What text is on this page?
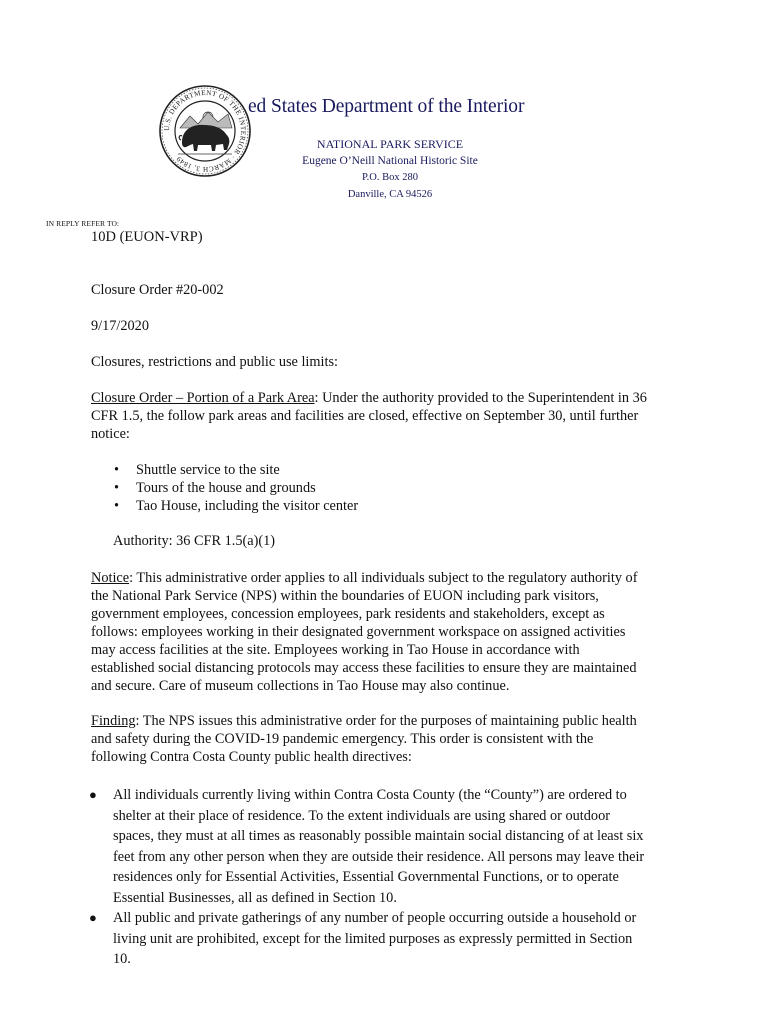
U.S. DEPARTMENT OF THE INTERIOR · MARCH 3, 1849
ed States Department of the Interior
NATIONAL PARK SERVICE
Eugene O’Neill National Historic Site
P.O. Box 280
Danville, CA 94526
IN REPLY REFER TO:
10D (EUON-VRP)
Closure Order #20-002
9/17/2020
Closures, restrictions and public use limits:
Closure Order – Portion of a Park Area: Under the authority provided to the Superintendent in 36
CFR 1.5, the follow park areas and facilities are closed, effective on September 30, until further
notice:
• Shuttle service to the site
• Tours of the house and grounds
• Tao House, including the visitor center
Authority: 36 CFR 1.5(a)(1)
Notice: This administrative order applies to all individuals subject to the regulatory authority of
the National Park Service (NPS) within the boundaries of EUON including park visitors,
government employees, concession employees, park residents and stakeholders, except as
follows: employees working in their designated government workspace on assigned activities
may access facilities at the site. Employees working in Tao House in accordance with
established social distancing protocols may access these facilities to ensure they are maintained
and secure. Care of museum collections in Tao House may also continue.
Finding: The NPS issues this administrative order for the purposes of maintaining public health
and safety during the COVID-19 pandemic emergency. This order is consistent with the
following Contra Costa County public health directives:
● All individuals currently living within Contra Costa County (the “County”) are ordered to
shelter at their place of residence. To the extent individuals are using shared or outdoor
spaces, they must at all times as reasonably possible maintain social distancing of at least six
feet from any other person when they are outside their residence. All persons may leave their
residences only for Essential Activities, Essential Governmental Functions, or to operate
Essential Businesses, all as defined in Section 10.
● All public and private gatherings of any number of people occurring outside a household or
living unit are prohibited, except for the limited purposes as expressly permitted in Section
10.
